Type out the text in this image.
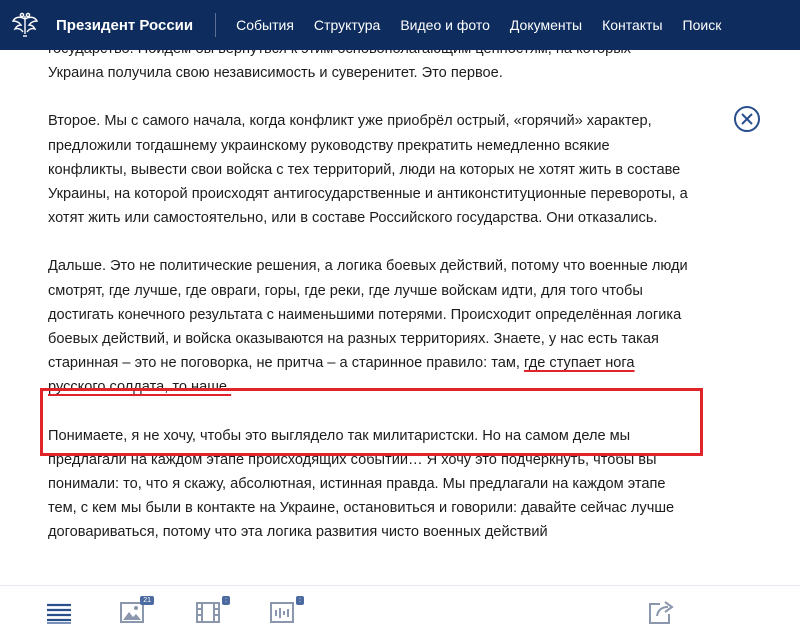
Президент России	События	Структура	Видео и фото	Документы	Контакты	Поиск

Украина получила свою независимость и суверенитет. Это первое.

Второе. Мы с самого начала, когда конфликт уже приобрёл острый, «горячий» характер, предложили тогдашнему украинскому руководству прекратить немедленно всякие конфликты, вывести свои войска с тех территорий, люди на которых не хотят жить в составе Украины, на которой происходят антигосударственные и антиконституционные перевороты, а хотят жить или самостоятельно, или в составе Российского государства. Они отказались.

Дальше. Это не политические решения, а логика боевых действий, потому что военные люди смотрят, где лучше, где овраги, горы, где реки, где лучше войскам идти, для того чтобы достигать конечного результата с наименьшими потерями. Происходит определённая логика боевых действий, и войска оказываются на разных территориях. Знаете, у нас есть такая старинная – это не поговорка, не притча – а старинное правило: там, где ступает нога русского солдата, то наше.

Понимаете, я не хочу, чтобы это выглядело так милитаристски. Но на самом деле мы предлагали на каждом этапе происходящих событий… Я хочу это подчеркнуть, чтобы вы понимали: то, что я скажу, абсолютная, истинная правда. Мы предлагали на каждом этапе тем, с кем мы были в контакте на Украине, остановиться и говорили: давайте сейчас лучше договариваться, потому что эта логика развития чисто военных действий

21	:	:
